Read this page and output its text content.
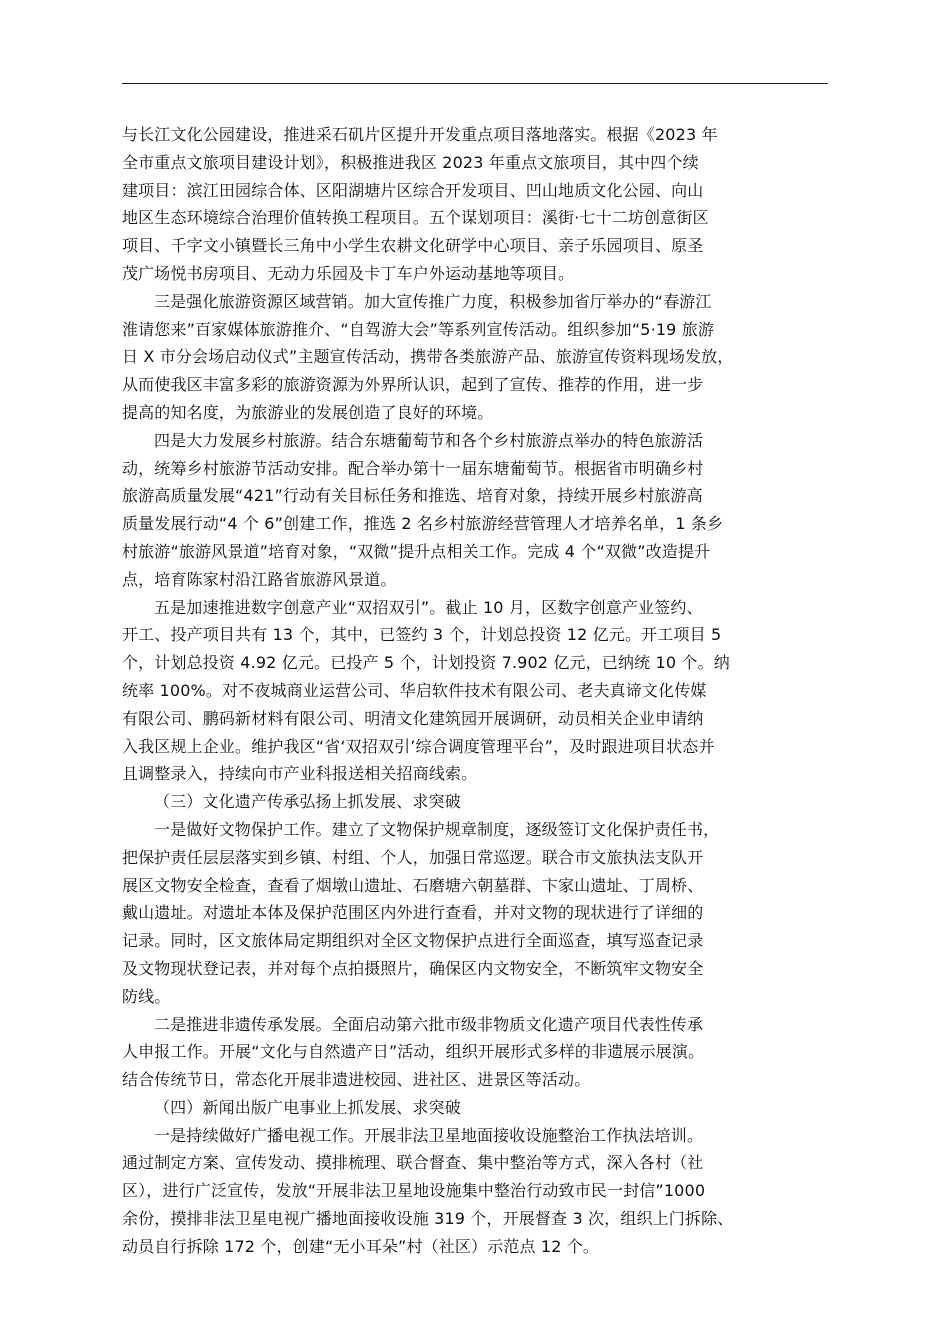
与长江文化公园建设，推进采石矶片区提升开发重点项目落地落实。根据《2023 年
全市重点文旅项目建设计划》，积极推进我区 2023 年重点文旅项目，其中四个续
建项目：滨江田园综合体、区阳湖塘片区综合开发项目、凹山地质文化公园、向山
地区生态环境综合治理价值转换工程项目。五个谋划项目：溪街·七十二坊创意街区
项目、千字文小镇暨长三角中小学生农耕文化研学中心项目、亲子乐园项目、原圣
茂广场悦书房项目、无动力乐园及卡丁车户外运动基地等项目。
三是强化旅游资源区域营销。加大宣传推广力度，积极参加省厅举办的“春游江
淮请您来”百家媒体旅游推介、“自驾游大会”等系列宣传活动。组织参加“5·19 旅游
日 X 市分会场启动仪式”主题宣传活动，携带各类旅游产品、旅游宣传资料现场发放，
从而使我区丰富多彩的旅游资源为外界所认识，起到了宣传、推荐的作用，进一步
提高的知名度，为旅游业的发展创造了良好的环境。
四是大力发展乡村旅游。结合东塘葡萄节和各个乡村旅游点举办的特色旅游活
动，统筹乡村旅游节活动安排。配合举办第十一届东塘葡萄节。根据省市明确乡村
旅游高质量发展“421”行动有关目标任务和推选、培育对象，持续开展乡村旅游高
质量发展行动“4 个 6”创建工作，推选 2 名乡村旅游经营管理人才培养名单，1 条乡
村旅游“旅游风景道”培育对象，“双微”提升点相关工作。完成 4 个“双微”改造提升
点，培育陈家村沿江路省旅游风景道。
五是加速推进数字创意产业“双招双引”。截止 10 月，区数字创意产业签约、
开工、投产项目共有 13 个，其中，已签约 3 个，计划总投资 12 亿元。开工项目 5
个，计划总投资 4.92 亿元。已投产 5 个，计划投资 7.902 亿元，已纳统 10 个。纳
统率 100%。对不夜城商业运营公司、华启软件技术有限公司、老夫真谛文化传媒
有限公司、鹏码新材料有限公司、明清文化建筑园开展调研，动员相关企业申请纳
入我区规上企业。维护我区“省‘双招双引’综合调度管理平台”，及时跟进项目状态并
且调整录入，持续向市产业科报送相关招商线索。
（三）文化遗产传承弘扬上抓发展、求突破
一是做好文物保护工作。建立了文物保护规章制度，逐级签订文化保护责任书，
把保护责任层层落实到乡镇、村组、个人，加强日常巡逻。联合市文旅执法支队开
展区文物安全检查，查看了烟墩山遗址、石磨塘六朝墓群、卞家山遗址、丁周桥、
戴山遗址。对遗址本体及保护范围区内外进行查看，并对文物的现状进行了详细的
记录。同时，区文旅体局定期组织对全区文物保护点进行全面巡查，填写巡查记录
及文物现状登记表，并对每个点拍摄照片，确保区内文物安全，不断筑牢文物安全
防线。
二是推进非遗传承发展。全面启动第六批市级非物质文化遗产项目代表性传承
人申报工作。开展“文化与自然遗产日”活动，组织开展形式多样的非遗展示展演。
结合传统节日，常态化开展非遗进校园、进社区、进景区等活动。
（四）新闻出版广电事业上抓发展、求突破
一是持续做好广播电视工作。开展非法卫星地面接收设施整治工作执法培训。
通过制定方案、宣传发动、摸排梳理、联合督查、集中整治等方式，深入各村（社
区），进行广泛宣传，发放“开展非法卫星地设施集中整治行动致市民一封信”1000
余份，摸排非法卫星电视广播地面接收设施 319 个，开展督查 3 次，组织上门拆除、
动员自行拆除 172 个，创建“无小耳朵”村（社区）示范点 12 个。
